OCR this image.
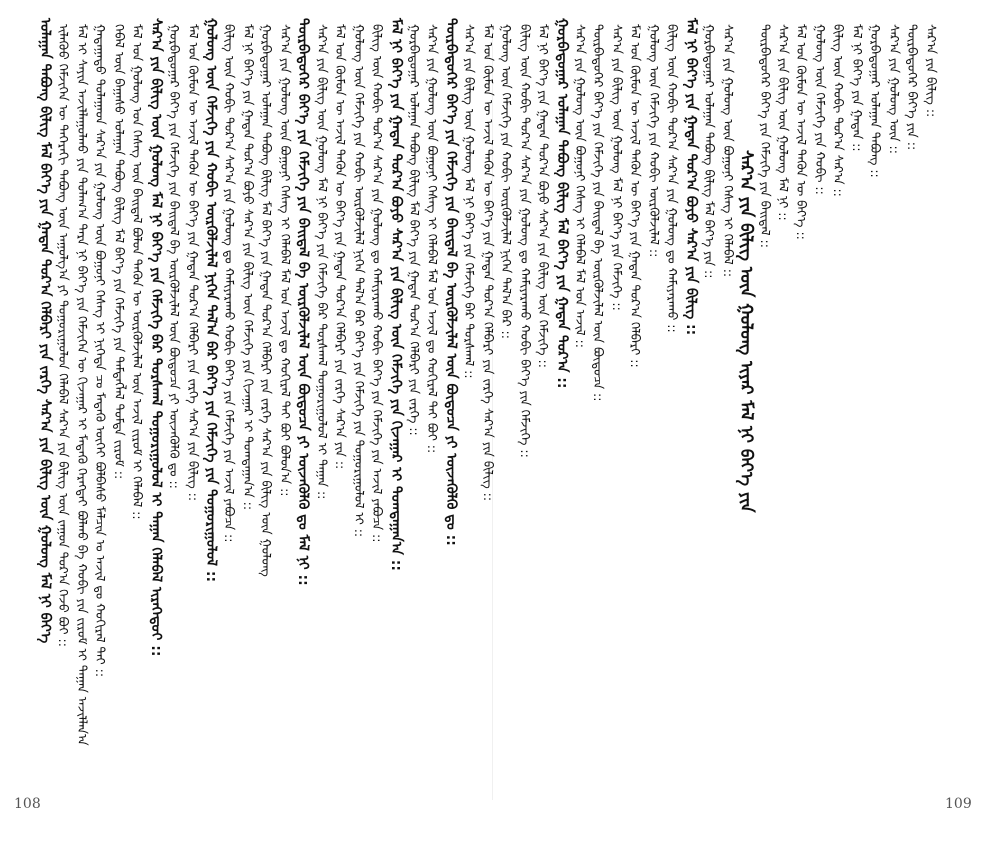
ᠤᠯᠠᠭᠠᠨ ᠲᠠᠪᠤᠩ ᠪᠢᠯᠢᠭ ᠮᠠᠯ ᠪᠡᠶ᠎ᠡ ᠶᠢᠨ ᠭᠠᠳᠠᠨ ᠳᠤᠷ᠎ᠠ ᠬᠡᠯᠪᠡᠷᠢ ᠶᠢᠨ ᠵᠡᠷᠭᠡ ᠰᠠᠷ᠎ᠠ ᠶᠢᠨ ᠪᠢᠯᠢᠭ ᠦᠨ ᠭᠤᠯᠤᠩ ᠮᠠᠯ ᠨᠢ ᠪᠡᠶ᠎ᠡ ᠢᠯᠡᠭᠦᠦ ᠬᠡᠮᠵᠢᠭᠡᠨ ᠦ ᠳᠡᠭᠡᠷᠡᠬᠢ ᠲᠠᠪᠤᠩ ᠦᠨ ᠠᠭᠤᠯᠭ᠎ᠠ ᠶᠢ ᠲᠤᠭᠤᠷᠢᠭᠤᠯᠤᠨ ᠬᠡᠯᠡᠪᠡᠯ ᠰᠠᠷ᠎ᠠ ᠶᠢᠨ ᠪᠢᠯᠢᠭ ᠦᠨ ᠵᠠᠭᠤᠨ ᠲᠤᠷ᠎ᠠ ᠭᠡᠵᠦ ᠪᠤᠢ :: ᠮᠠᠯ ᠢ ᠰᠠᠶᠢᠨ ᠠᠵᠢᠯᠯᠠᠭᠤᠯᠬᠤ ᠶᠢᠨ ᠲᠤᠯᠠᠭ᠎ᠠ ᠲᠡᠷᠡ ᠨᠢ ᠪᠡᠶ᠎ᠡ ᠶᠢᠨ ᠬᠡᠮᠵᠢᠭᠡᠨ ᠦ ᠬᠢᠵᠠᠭᠠᠷ ᠢ ᠮᠡᠳᠡᠬᠦ ᠬᠡᠷᠡᠭᠲᠡᠢ ᠪᠣᠯᠬᠤ ᠪᠠ ᠬᠤᠪᠢ ᠶᠢᠨ ᠵᠢᠷᠤᠮ ᠢ ᠳᠠᠭᠠᠨ ᠠᠵᠢᠯᠯᠠᠨ᠎ᠠ ᠭᠠᠳᠠᠭᠠᠳᠤ ᠲᠤᠯᠠᠭᠠᠳ ᠰᠠᠷ᠎ᠠ ᠶᠢᠨ ᠭᠤᠯᠤᠩ ᠦᠨ ᠪᠣᠭᠣᠨᠢ ᠬᠡᠰᠡᠭ ᠢ ᠨᠢᠭᠡᠲᠡ ᠴᠤ ᠮᠡᠳᠡᠬᠦ ᠦᠭᠡᠢ ᠪᠣᠯᠪᠠᠰᠤ ᠮᠠᠯᠴᠢᠨ ᠤ ᠠᠵᠢᠯ ᠳᠤ ᠬᠣᠬᠢᠷᠠᠯ ᠲᠠᠢ :: ᠬᠡᠪᠡᠯ ᠦᠨ ᠪᠠᠭᠠᠰᠤ ᠤᠯᠠᠭᠠᠨ ᠲᠠᠪᠤᠩ ᠪᠢᠯᠢᠭ ᠮᠠᠯ ᠪᠡᠶ᠎ᠡ ᠶᠢᠨ ᠬᠡᠮᠵᠢᠭᠡ ᠶᠢᠨ ᠲᠡᠮᠳᠡᠭᠯᠡᠯ ᠳᠤᠮᠳᠠ ᠵᠢᠷᠤᠮ :: ᠮᠠᠯ ᠤᠨ ᠭᠤᠯᠤᠩ ᠤᠨ ᠬᠡᠰᠡᠭ ᠦᠨ ᠪᠠᠢᠳᠠᠯ ᠪᠣᠯᠤᠨ ᠲᠡᠭᠦᠨ ᠦ ᠦᠷᠭᠦᠯᠵᠢᠯᠡᠯ ᠦᠨ ᠠᠵᠢᠯ ᠵᠢᠷᠤᠮ ᠢ ᠬᠡᠯᠡᠪᠡᠯ :: ᠰᠠᠷ᠎ᠠ ᠶᠢᠨ ᠪᠢᠯᠢᠭ ᠦᠨ ᠭᠤᠯᠤᠩ ᠮᠠᠯ ᠨᠢ ᠪᠡᠶ᠎ᠡ ᠶᠢᠨ ᠬᠡᠮᠵᠢᠭᠡ ᠪᠡᠷ ᠳᠤᠷᠰᠬᠠᠯ ᠲᠤᠭᠤᠷᠢᠭᠤᠯᠤᠯ ᠢ ᠳᠠᠭᠠᠨ ᠬᠡᠯᠡᠪᠡᠯ ᠢᠷᠡᠭᠡᠳᠦᠢ :: ᠭᠤᠷᠪᠠᠳᠤᠭᠠᠷ ᠪᠡᠶ᠎ᠡ ᠶᠢᠨ ᠬᠡᠮᠵᠢᠭᠡ ᠶᠢᠨ ᠪᠠᠢᠳᠠᠯ ᠪᠠ ᠦᠷᠭᠦᠯᠵᠢᠯᠡᠯ ᠦᠨ ᠪᠦᠲᠦᠴᠡ ᠶᠢ ᠦᠵᠡᠭᠦᠯᠬᠦ ᠳᠤ :: ᠮᠠᠯ ᠤᠨ ᠬᠦᠮᠦᠨ ᠦ ᠠᠵᠢᠯ ᠲᠡᠭᠦᠨ ᠦ ᠪᠡᠶ᠎ᠡ ᠶᠢᠨ ᠭᠠᠳᠠᠨ ᠳᠤᠷ᠎ᠠ ᠬᠡᠯᠪᠡᠷᠢ ᠶᠢᠨ ᠵᠡᠷᠭᠡ ᠰᠠᠷ᠎ᠠ ᠶᠢᠨ ᠪᠢᠯᠢᠭ :: ᠭᠤᠯᠤᠩ ᠦᠨ ᠬᠡᠮᠵᠢᠭᠡ ᠶᠢᠨ ᠬᠤᠪᠢ ᠦᠷᠭᠦᠯᠵᠢᠯᠡᠯ ᠨᠢᠭᠡᠨ ᠲᠠᠯ᠎ᠠ ᠪᠠᠷ ᠪᠡᠶ᠎ᠡ ᠶᠢᠨ ᠬᠡᠮᠵᠢᠭᠡ ᠶᠢᠨ ᠲᠤᠭᠤᠷᠢᠭᠤᠯᠤᠯ :: ᠪᠢᠯᠢᠭ ᠦᠨ ᠬᠤᠪᠢ ᠳᠤᠷ᠎ᠠ ᠰᠠᠷ᠎ᠠ ᠶᠢᠨ ᠭᠤᠯᠤᠩ ᠳᠤ ᠬᠠᠮᠢᠶᠠᠷᠠᠬᠤ ᠬᠤᠪᠢ ᠪᠡᠶ᠎ᠡ ᠶᠢᠨ ᠬᠡᠮᠵᠢᠭᠡ ᠶᠢᠨ ᠠᠵᠢᠯ ᠶᠠᠪᠤᠴᠠ :: ᠮᠠᠯ ᠨᠢ ᠪᠡᠶ᠎ᠡ ᠶᠢᠨ ᠭᠠᠳᠠᠨ ᠳᠤᠷ᠎ᠠ ᠪᠤᠶᠤ ᠰᠠᠷ᠎ᠠ ᠶᠢᠨ ᠪᠢᠯᠢᠭ ᠦᠨ ᠬᠡᠮᠵᠢᠭᠡ ᠶᠢᠨ ᠬᠢᠵᠠᠭᠠᠷ ᠢ ᠲᠣᠭᠲᠠᠭᠠᠨ᠎ᠠ :: ᠭᠤᠷᠪᠠᠳᠤᠭᠠᠷ ᠤᠯᠠᠭᠠᠨ ᠲᠠᠪᠤᠩ ᠪᠢᠯᠢᠭ ᠮᠠᠯ ᠪᠡᠶ᠎ᠡ ᠶᠢᠨ ᠭᠠᠳᠠᠨ ᠳᠤᠷ᠎ᠠ ᠬᠡᠯᠪᠡᠷᠢ ᠶᠢᠨ ᠵᠡᠷᠭᠡ ᠰᠠᠷ᠎ᠠ ᠶᠢᠨ ᠪᠢᠯᠢᠭ ᠦᠨ ᠭᠤᠯᠤᠩ ᠰᠠᠷ᠎ᠠ ᠶᠢᠨ ᠭᠤᠯᠤᠩ ᠦᠨ ᠪᠣᠭᠣᠨᠢ ᠬᠡᠰᠡᠭ ᠢ ᠬᠡᠯᠡᠪᠡᠯ ᠮᠠᠯ ᠤᠨ ᠠᠵᠢᠯ ᠳᠤ ᠬᠣᠬᠢᠷᠠᠯ ᠲᠠᠢ ᠪᠤᠢ ᠪᠣᠯᠤᠨ᠎ᠠ :: ᠳᠦᠷᠪᠡᠳᠦᠭᠡᠷ ᠪᠡᠶ᠎ᠡ ᠶᠢᠨ ᠬᠡᠮᠵᠢᠭᠡ ᠶᠢᠨ ᠪᠠᠢᠳᠠᠯ ᠪᠠ ᠦᠷᠭᠦᠯᠵᠢᠯᠡᠯ ᠦᠨ ᠪᠦᠲᠦᠴᠡ ᠶᠢ ᠦᠵᠡᠭᠦᠯᠬᠦ ᠳᠤ ᠮᠠᠯ ᠨᠢ :: ᠰᠠᠷ᠎ᠠ ᠶᠢᠨ ᠪᠢᠯᠢᠭ ᠦᠨ ᠭᠤᠯᠤᠩ ᠮᠠᠯ ᠨᠢ ᠪᠡᠶ᠎ᠡ ᠶᠢᠨ ᠬᠡᠮᠵᠢᠭᠡ ᠪᠡᠷ ᠳᠤᠷᠰᠬᠠᠯ ᠲᠤᠭᠤᠷᠢᠭᠤᠯᠤᠯ ᠢ ᠳᠠᠭᠠᠨ :: ᠮᠠᠯ ᠤᠨ ᠬᠦᠮᠦᠨ ᠦ ᠠᠵᠢᠯ ᠲᠡᠭᠦᠨ ᠦ ᠪᠡᠶ᠎ᠡ ᠶᠢᠨ ᠭᠠᠳᠠᠨ ᠳᠤᠷ᠎ᠠ ᠬᠡᠯᠪᠡᠷᠢ ᠶᠢᠨ ᠵᠡᠷᠭᠡ ᠰᠠᠷ᠎ᠠ ᠶᠢᠨ :: ᠭᠤᠯᠤᠩ ᠦᠨ ᠬᠡᠮᠵᠢᠭᠡ ᠶᠢᠨ ᠬᠤᠪᠢ ᠦᠷᠭᠦᠯᠵᠢᠯᠡᠯ ᠨᠢᠭᠡᠨ ᠲᠠᠯ᠎ᠠ ᠪᠠᠷ ᠪᠡᠶ᠎ᠡ ᠶᠢᠨ ᠬᠡᠮᠵᠢᠭᠡ ᠶᠢᠨ ᠲᠤᠭᠤᠷᠢᠭᠤᠯᠤᠯ ᠢ :: ᠪᠢᠯᠢᠭ ᠦᠨ ᠬᠤᠪᠢ ᠳᠤᠷ᠎ᠠ ᠰᠠᠷ᠎ᠠ ᠶᠢᠨ ᠭᠤᠯᠤᠩ ᠳᠤ ᠬᠠᠮᠢᠶᠠᠷᠠᠬᠤ ᠬᠤᠪᠢ ᠪᠡᠶ᠎ᠡ ᠶᠢᠨ ᠬᠡᠮᠵᠢᠭᠡ ᠶᠢᠨ ᠠᠵᠢᠯ ᠶᠠᠪᠤᠴᠠ :: ᠮᠠᠯ ᠨᠢ ᠪᠡᠶ᠎ᠡ ᠶᠢᠨ ᠭᠠᠳᠠᠨ ᠳᠤᠷ᠎ᠠ ᠪᠤᠶᠤ ᠰᠠᠷ᠎ᠠ ᠶᠢᠨ ᠪᠢᠯᠢᠭ ᠦᠨ ᠬᠡᠮᠵᠢᠭᠡ ᠶᠢᠨ ᠬᠢᠵᠠᠭᠠᠷ ᠢ ᠲᠣᠭᠲᠠᠭᠠᠨ᠎ᠠ :: ᠭᠤᠷᠪᠠᠳᠤᠭᠠᠷ ᠤᠯᠠᠭᠠᠨ ᠲᠠᠪᠤᠩ ᠪᠢᠯᠢᠭ ᠮᠠᠯ ᠪᠡᠶ᠎ᠡ ᠶᠢᠨ ᠭᠠᠳᠠᠨ ᠳᠤᠷ᠎ᠠ ᠬᠡᠯᠪᠡᠷᠢ ᠶᠢᠨ ᠵᠡᠷᠭᠡ :: ᠰᠠᠷ᠎ᠠ ᠶᠢᠨ ᠭᠤᠯᠤᠩ ᠦᠨ ᠪᠣᠭᠣᠨᠢ ᠬᠡᠰᠡᠭ ᠢ ᠬᠡᠯᠡᠪᠡᠯ ᠮᠠᠯ ᠤᠨ ᠠᠵᠢᠯ ᠳᠤ ᠬᠣᠬᠢᠷᠠᠯ ᠲᠠᠢ ᠪᠤᠢ :: ᠳᠦᠷᠪᠡᠳᠦᠭᠡᠷ ᠪᠡᠶ᠎ᠡ ᠶᠢᠨ ᠬᠡᠮᠵᠢᠭᠡ ᠶᠢᠨ ᠪᠠᠢᠳᠠᠯ ᠪᠠ ᠦᠷᠭᠦᠯᠵᠢᠯᠡᠯ ᠦᠨ ᠪᠦᠲᠦᠴᠡ ᠶᠢ ᠦᠵᠡᠭᠦᠯᠬᠦ ᠳᠤ :: ᠰᠠᠷ᠎ᠠ ᠶᠢᠨ ᠪᠢᠯᠢᠭ ᠦᠨ ᠭᠤᠯᠤᠩ ᠮᠠᠯ ᠨᠢ ᠪᠡᠶ᠎ᠡ ᠶᠢᠨ ᠬᠡᠮᠵᠢᠭᠡ ᠪᠡᠷ ᠳᠤᠷᠰᠬᠠᠯ :: ᠮᠠᠯ ᠤᠨ ᠬᠦᠮᠦᠨ ᠦ ᠠᠵᠢᠯ ᠲᠡᠭᠦᠨ ᠦ ᠪᠡᠶ᠎ᠡ ᠶᠢᠨ ᠭᠠᠳᠠᠨ ᠳᠤᠷ᠎ᠠ ᠬᠡᠯᠪᠡᠷᠢ ᠶᠢᠨ ᠵᠡᠷᠭᠡ ᠰᠠᠷ᠎ᠠ ᠶᠢᠨ ᠪᠢᠯᠢᠭ :: ᠭᠤᠯᠤᠩ ᠦᠨ ᠬᠡᠮᠵᠢᠭᠡ ᠶᠢᠨ ᠬᠤᠪᠢ ᠦᠷᠭᠦᠯᠵᠢᠯᠡᠯ ᠨᠢᠭᠡᠨ ᠲᠠᠯ᠎ᠠ ᠪᠠᠷ :: ᠪᠢᠯᠢᠭ ᠦᠨ ᠬᠤᠪᠢ ᠳᠤᠷ᠎ᠠ ᠰᠠᠷ᠎ᠠ ᠶᠢᠨ ᠭᠤᠯᠤᠩ ᠳᠤ ᠬᠠᠮᠢᠶᠠᠷᠠᠬᠤ ᠬᠤᠪᠢ ᠪᠡᠶ᠎ᠡ ᠶᠢᠨ ᠬᠡᠮᠵᠢᠭᠡ :: ᠮᠠᠯ ᠨᠢ ᠪᠡᠶ᠎ᠡ ᠶᠢᠨ ᠭᠠᠳᠠᠨ ᠳᠤᠷ᠎ᠠ ᠪᠤᠶᠤ ᠰᠠᠷ᠎ᠠ ᠶᠢᠨ ᠪᠢᠯᠢᠭ ᠦᠨ ᠬᠡᠮᠵᠢᠭᠡ :: ᠭᠤᠷᠪᠠᠳᠤᠭᠠᠷ ᠤᠯᠠᠭᠠᠨ ᠲᠠᠪᠤᠩ ᠪᠢᠯᠢᠭ ᠮᠠᠯ ᠪᠡᠶ᠎ᠡ ᠶᠢᠨ ᠭᠠᠳᠠᠨ ᠳᠤᠷ᠎ᠠ :: ᠰᠠᠷ᠎ᠠ ᠶᠢᠨ ᠭᠤᠯᠤᠩ ᠦᠨ ᠪᠣᠭᠣᠨᠢ ᠬᠡᠰᠡᠭ ᠢ ᠬᠡᠯᠡᠪᠡᠯ ᠮᠠᠯ ᠤᠨ ᠠᠵᠢᠯ :: ᠳᠦᠷᠪᠡᠳᠦᠭᠡᠷ ᠪᠡᠶ᠎ᠡ ᠶᠢᠨ ᠬᠡᠮᠵᠢᠭᠡ ᠶᠢᠨ ᠪᠠᠢᠳᠠᠯ ᠪᠠ ᠦᠷᠭᠦᠯᠵᠢᠯᠡᠯ ᠦᠨ ᠪᠦᠲᠦᠴᠡ :: ᠰᠠᠷ᠎ᠠ ᠶᠢᠨ ᠪᠢᠯᠢᠭ ᠦᠨ ᠭᠤᠯᠤᠩ ᠮᠠᠯ ᠨᠢ ᠪᠡᠶ᠎ᠡ ᠶᠢᠨ ᠬᠡᠮᠵᠢᠭᠡ :: ᠮᠠᠯ ᠤᠨ ᠬᠦᠮᠦᠨ ᠦ ᠠᠵᠢᠯ ᠲᠡᠭᠦᠨ ᠦ ᠪᠡᠶ᠎ᠡ ᠶᠢᠨ ᠭᠠᠳᠠᠨ ᠳᠤᠷ᠎ᠠ ᠬᠡᠯᠪᠡᠷᠢ :: ᠭᠤᠯᠤᠩ ᠦᠨ ᠬᠡᠮᠵᠢᠭᠡ ᠶᠢᠨ ᠬᠤᠪᠢ ᠦᠷᠭᠦᠯᠵᠢᠯᠡᠯ :: ᠪᠢᠯᠢᠭ ᠦᠨ ᠬᠤᠪᠢ ᠳᠤᠷ᠎ᠠ ᠰᠠᠷ᠎ᠠ ᠶᠢᠨ ᠭᠤᠯᠤᠩ ᠳᠤ ᠬᠠᠮᠢᠶᠠᠷᠠᠬᠤ :: ᠮᠠᠯ ᠨᠢ ᠪᠡᠶ᠎ᠡ ᠶᠢᠨ ᠭᠠᠳᠠᠨ ᠳᠤᠷ᠎ᠠ ᠪᠤᠶᠤ ᠰᠠᠷ᠎ᠠ ᠶᠢᠨ ᠪᠢᠯᠢᠭ :: ᠭᠤᠷᠪᠠᠳᠤᠭᠠᠷ ᠤᠯᠠᠭᠠᠨ ᠲᠠᠪᠤᠩ ᠪᠢᠯᠢᠭ ᠮᠠᠯ ᠪᠡᠶ᠎ᠡ ᠶᠢᠨ :: ᠰᠠᠷ᠎ᠠ ᠶᠢᠨ ᠭᠤᠯᠤᠩ ᠦᠨ ᠪᠣᠭᠣᠨᠢ ᠬᠡᠰᠡᠭ ᠢ ᠬᠡᠯᠡᠪᠡᠯ :: ᠳᠦᠷᠪᠡᠳᠦᠭᠡᠷ ᠪᠡᠶ᠎ᠡ ᠶᠢᠨ ᠬᠡᠮᠵᠢᠭᠡ ᠶᠢᠨ ᠪᠠᠢᠳᠠᠯ :: ᠰᠠᠷ᠎ᠠ ᠶᠢᠨ ᠪᠢᠯᠢᠭ ᠦᠨ ᠭᠤᠯᠤᠩ ᠮᠠᠯ ᠨᠢ :: ᠮᠠᠯ ᠤᠨ ᠬᠦᠮᠦᠨ ᠦ ᠠᠵᠢᠯ ᠲᠡᠭᠦᠨ ᠦ ᠪᠡᠶ᠎ᠡ :: ᠭᠤᠯᠤᠩ ᠦᠨ ᠬᠡᠮᠵᠢᠭᠡ ᠶᠢᠨ ᠬᠤᠪᠢ :: ᠪᠢᠯᠢᠭ ᠦᠨ ᠬᠤᠪᠢ ᠳᠤᠷ᠎ᠠ ᠰᠠᠷ᠎ᠠ :: ᠮᠠᠯ ᠨᠢ ᠪᠡᠶ᠎ᠡ ᠶᠢᠨ ᠭᠠᠳᠠᠨ :: ᠭᠤᠷᠪᠠᠳᠤᠭᠠᠷ ᠤᠯᠠᠭᠠᠨ ᠲᠠᠪᠤᠩ :: ᠰᠠᠷ᠎ᠠ ᠶᠢᠨ ᠭᠤᠯᠤᠩ ᠦᠨ :: ᠳᠦᠷᠪᠡᠳᠦᠭᠡᠷ ᠪᠡᠶ᠎ᠡ ᠶᠢᠨ :: ᠰᠠᠷ᠎ᠠ ᠶᠢᠨ ᠪᠢᠯᠢᠭ ::
ᠰᠠᠷ᠎ᠠ ᠶᠢᠨ ᠪᠢᠯᠢᠭ ᠦᠨ ᠭᠤᠯᠤᠩ ᠢᠶᠠᠷ ᠮᠠᠯ ᠨᠢ ᠪᠡᠶ᠎ᠡ ᠶᠢᠨ
108	109
